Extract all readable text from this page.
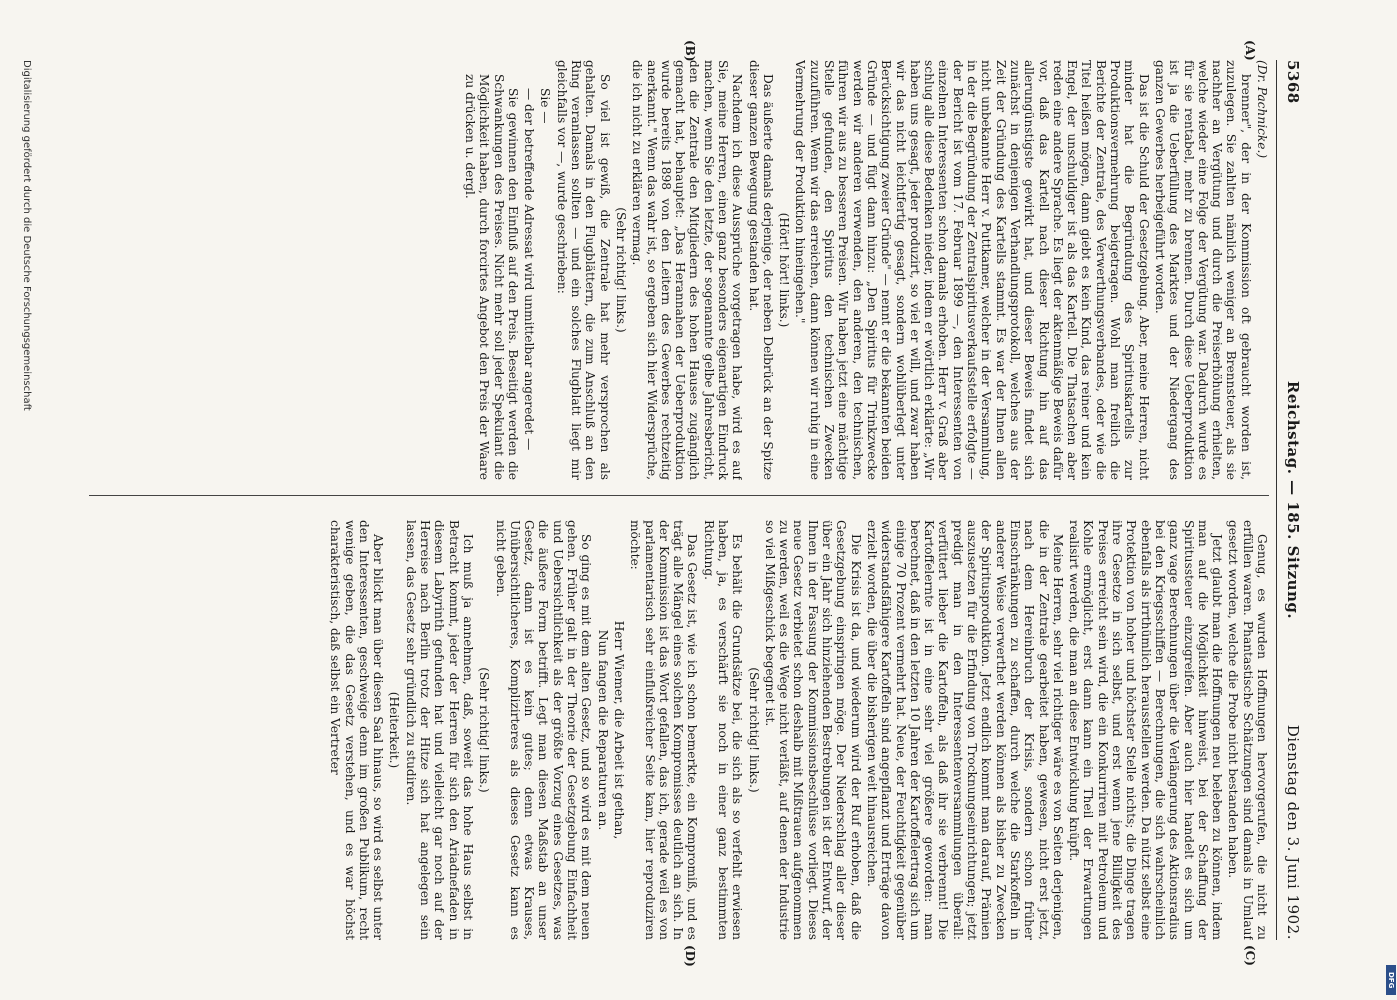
5368
Reichstag. — 185. Sitzung.
Dienstag den 3. Juni 1902.
(A)
(B)
(C)
(D)

(Dr. Pachnicke.)

brenner", der in der Kommission oft gebraucht worden ist, zuzulegen. Sie zahlten nämlich weniger an Brennsteuer, als sie nachher an Vergütung und durch die Preiserhöhung erhielten, welche wieder eine Folge der Vergütung war. Dadurch wurde es für sie rentabel, mehr zu brennen. Durch diese Ueberproduktion ist ja die Ueberfüllung des Marktes und der Niedergang des ganzen Gewerbes herbeigeführt worden.

Das ist die Schuld der Gesetzgebung. Aber, meine Herren, nicht minder hat die Begründung des Spirituskartells zur Produktionsvermehrung beigetragen. Wohl man freilich die Berichte der Zentrale, des Verwerthungsverbandes, oder wie die Titel heißen mögen, dann giebt es kein Kind, das reiner und kein Engel, der unschuldiger ist als das Kartell. Die Thatsachen aber reden eine andere Sprache. Es liegt der aktenmäßige Beweis dafür vor, daß das Kartell nach dieser Richtung hin auf das allerungünstigste gewirkt hat, und dieser Beweis findet sich zunächst in denjenigen Verhandlungsprotokoll, welches aus der Zeit der Gründung des Kartells stammt. Es war der Ihnen allen nicht unbekannte Herr v. Puttkamer, welcher in der Versammlung, in der die Begründung der Zentralspiritusverkaufsstelle erfolgte — der Bericht ist vom 17. Februar 1899 —, den Interessenten von einzelnen Interessenten schon damals erhoben. Herr v. Graß aber schlug alle diese Bedenken nieder, indem er wörtlich erklärte: „Wir haben uns gesagt, jeder produzirt, so viel er will, und zwar haben wir das nicht leichtfertig gesagt, sondern wohlüberlegt unter Berücksichtigung zweier Gründe" — nennt er die bekannten beiden Gründe — und fügt dann hinzu: „Den Spiritus für Trinkzwecke werden wir anderen verwenden, den anderen, den technischen, führen wir aus zu besseren Preisen. Wir haben jetzt eine mächtige Stelle gefunden, den Spiritus den technischen Zwecken zuzuführen. Wenn wir das erreichen, dann können wir ruhig in eine Vermehrung der Produktion hineingehen."

(Hört! hört! links.)

Das äußerte damals derjenige, der neben Delbrück an der Spitze dieser ganzen Bewegung gestanden hat.

Nachdem ich diese Aussprüche vorgetragen habe, wird es auf Sie, meine Herren, einen ganz besonders eigenartigen Eindruck machen, wenn Sie den letzte, der sogenannte gelbe Jahresbericht, den die Zentrale den Mitgliedern des hohen Hauses zugänglich gemacht hat, behauptet: „Das Herannahen der Ueberproduktion wurde bereits 1898 von den Leitern des Gewerbes rechtzeitig anerkannt." Wenn das wahr ist, so ergeben sich hier Widersprüche, die ich nicht zu erklären vermag.

(Sehr richtig! links.)

So viel ist gewiß, die Zentrale hat mehr versprochen als gehalten. Damals in den Flugblättern, die zum Anschluß an den Ring veranlassen sollten — und ein solches Flugblatt liegt mir gleichfalls vor —, wurde geschrieben:

Sie —

— der betreffende Adressat wird unmittelbar angeredet —

Sie gewinnen den Einfluß auf den Preis. Beseitigt werden die Schwankungen des Preises. Nicht mehr soll jeder Spekulant die Möglichkeit haben, durch forcirtes Angebot den Preis der Waare zu drücken u. dergl.

Genug, es wurden Hoffnungen hervorgerufen, die nicht zu erfüllen waren. Phantastische Schätzungen sind damals in Umlauf gesetzt worden, welche die Probe nicht bestanden haben.

Jetzt glaubt man die Hoffnungen neu beleben zu können, indem man auf die Möglichkeit hinweist, bei der Schaffung der Spiritussteuer einzugreifen. Aber auch hier handelt es sich um ganz vage Berechnungen über die Verlängerung des Aktionsradius bei den Kriegsschiffen — Berechnungen, die sich wahrscheinlich ebenfalls als irrthümlich herausstellen werden. Da nützt selbst eine Protektion von hoher und höchster Stelle nichts; die Dinge tragen ihre Gesetze in sich selbst, und erst wenn jene Billigkeit des Preises erreicht sein wird, die ein Konkurriren mit Petroleum und Kohle ermöglicht, erst dann kann ein Theil der Erwartungen realisirt werden, die man an diese Entwicklung knüpft.

Meine Herren, sehr viel richtiger wäre es von Seiten derjenigen, die in der Zentrale gearbeitet haben, gewesen, nicht erst jetzt, nach dem Hereinbruch der Krisis, sondern schon früher Einschränkungen zu schaffen, durch welche die Starkoffeln in anderer Weise verwerthet werden können als bisher zu Zwecken der Spiritusproduktion. Jetzt endlich kommt man darauf, Prämien auszusetzen für die Erfindung von Trocknungseinrichtungen; jetzt predigt man in den Interessentenversammlungen überall: verfüttert lieber die Kartoffeln, als daß ihr sie verbrennt! Die Kartoffelernte ist in eine sehr viel größere geworden: man berechnet, daß in den letzten 10 Jahren der Kartoffelertrag sich um einige 70 Prozent vermehrt hat. Neue, der Feuchtigkeit gegenüber widerstandsfähigere Kartoffeln sind angepflanzt und Erträge davon erzielt worden, die über die bisherigen weit hinausreichen.

Die Krisis ist da, und wiederum wird der Ruf erhoben, daß die Gesetzgebung einspringen möge. Der Niederschlag aller dieser über ein Jahr sich hinziehenden Bestrebungen ist der Entwurf, der Ihnen in der Fassung der Kommissionsbeschlüsse vorliegt. Dieses neue Gesetz verbietet schon deshalb mit Mißtrauen aufgenommen zu werden, weil es die Wege nicht verläßt, auf denen der Industrie so viel Mißgeschick begegnet ist.

(Sehr richtig! links.)

Es behält die Grundsätze bei, die sich als so verfehlt erwiesen haben, ja, es verschärft sie noch in einer ganz bestimmten Richtung.

Das Gesetz ist, wie ich schon bemerkte, ein Kompromiß, und es trägt alle Mängel eines solchen Kompromisses deutlich an sich. In der Kommission ist das Wort gefallen, das ich, gerade weil es von parlamentarisch sehr einflußreicher Seite kam, hier reproduziren möchte:

Herr Wiemer, die Arbeit ist gethan,

Nun fangen die Reparaturen an.

So ging es mit dem alten Gesetz, und so wird es mit dem neuen gehen. Früher galt in der Theorie der Gesetzgebung Einfachheit und Uebersichtlichkeit als der größte Vorzug eines Gesetzes, was die äußere Form betrifft. Legt man diesen Maßstab an unser Gesetz, dann ist es kein gutes; denn etwas Krauses, Unübersichtlicheres, Komplizirteres als dieses Gesetz kann es nicht geben.

(Sehr richtig! links.)

Ich muß ja annehmen, daß, soweit das hohe Haus selbst in Betracht kommt, jeder der Herren für sich den Ariadnefaden in diesem Labyrinth gefunden hat und vielleicht gar noch auf der Herreise nach Berlin trotz der Hitze sich hat angelegen sein lassen, das Gesetz sehr gründlich zu studiren.

(Heiterkeit.)

Aber blickt man über diesen Saal hinaus, so wird es selbst unter den Interessenten, geschweige denn im großen Publikum, recht wenige geben, die das Gesetz verstehen, und es war höchst charakteristisch, daß selbst ein Vertreter

Digitalisierung gefördert durch die Deutsche Forschungsgemeinschaft
DFG
